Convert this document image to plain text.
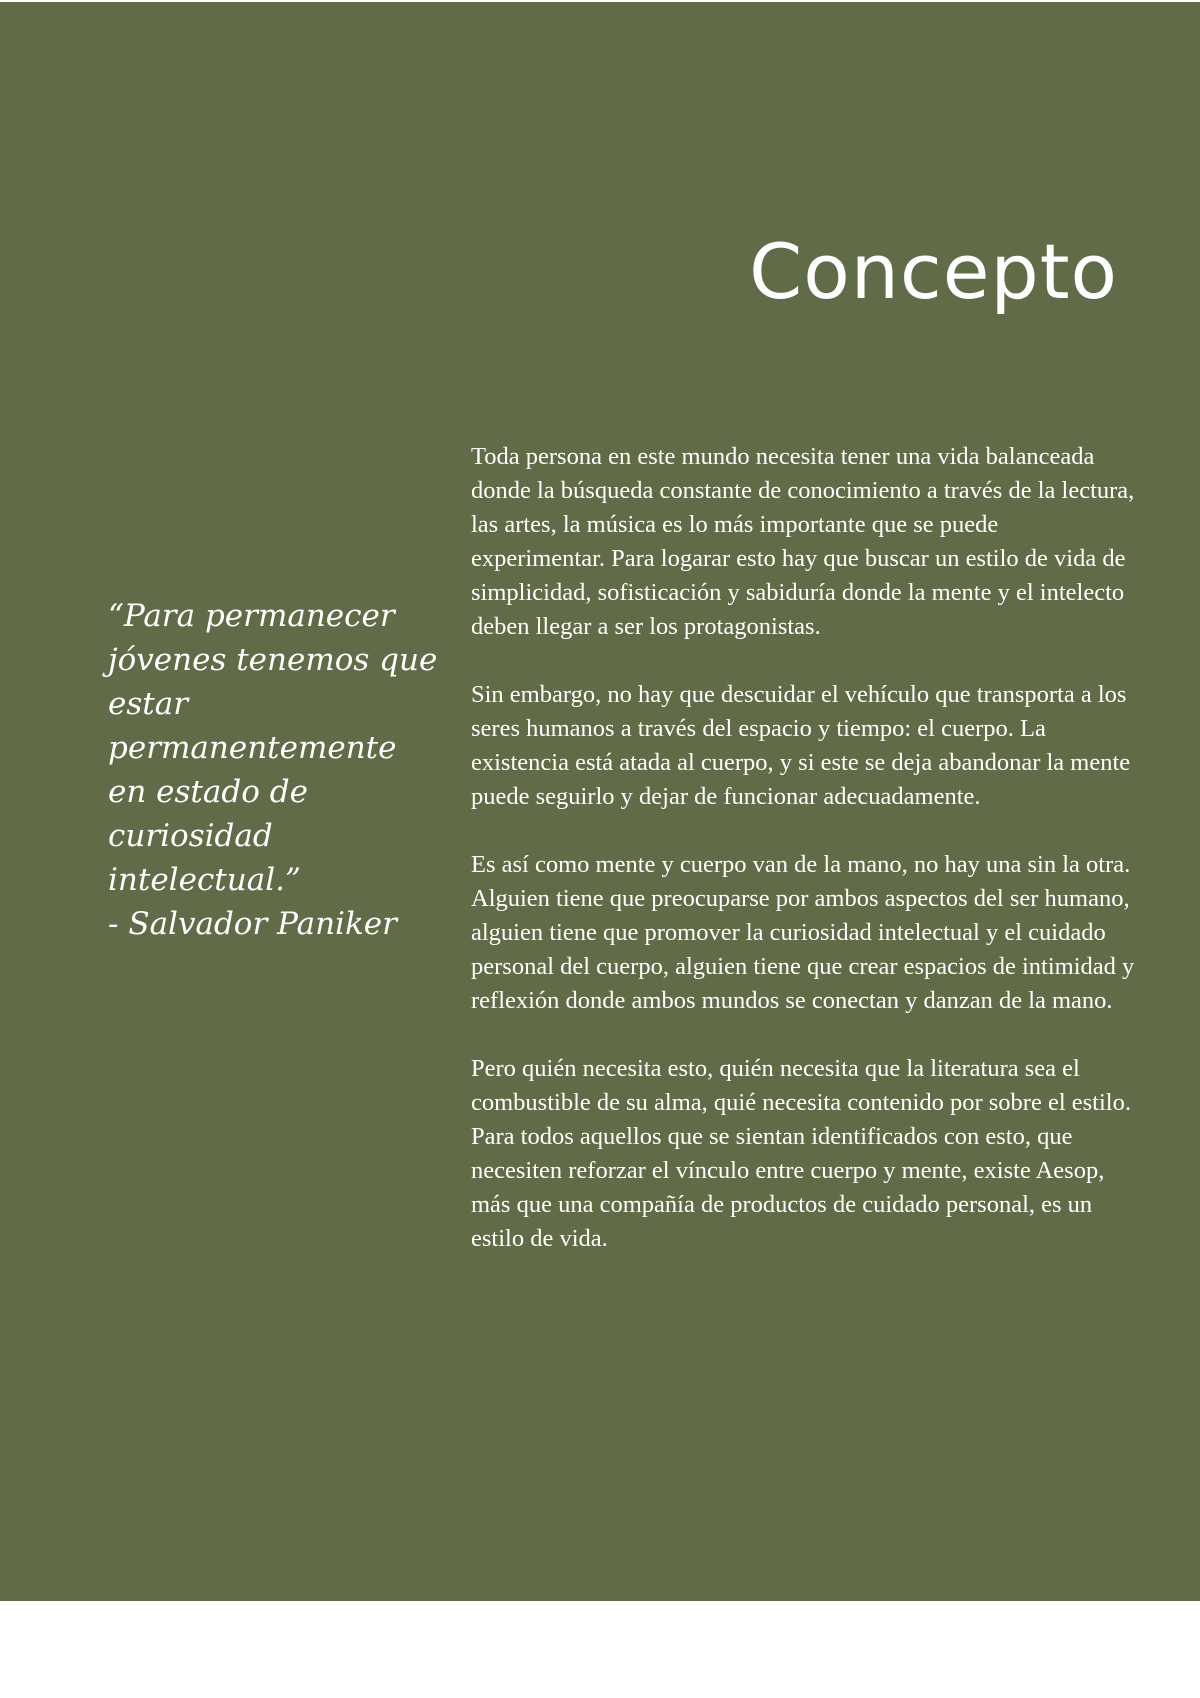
Concepto
“Para permanecer
jóvenes tenemos que
estar permanentemente
en estado de curiosidad
intelectual.”
- Salvador Paniker

Toda persona en este mundo necesita tener una vida balanceada donde la búsqueda constante de conocimiento a través de la lectura, las artes, la música es lo más importante que se puede experimentar. Para logarar esto hay que buscar un estilo de vida de simplicidad, sofisticación y sabiduría donde la mente y el intelecto deben llegar a ser los protagonistas.

Sin embargo, no hay que descuidar el vehículo que transporta a los seres humanos a través del espacio y tiempo: el cuerpo. La existencia está atada al cuerpo, y si este se deja abandonar la mente puede seguirlo y dejar de funcionar adecuadamente.

Es así como mente y cuerpo van de la mano, no hay una sin la otra. Alguien tiene que preocuparse por ambos aspectos del ser humano, alguien tiene que promover la curiosidad intelectual y el cuidado personal del cuerpo, alguien tiene que crear espacios de intimidad y reflexión donde ambos mundos se conectan y danzan de la mano.

Pero quién necesita esto, quién necesita que la literatura sea el combustible de su alma, quié necesita contenido por sobre el estilo. Para todos aquellos que se sientan identificados con esto, que necesiten reforzar el vínculo entre cuerpo y mente, existe Aesop, más que una compañía de productos de cuidado personal, es un estilo de vida.
